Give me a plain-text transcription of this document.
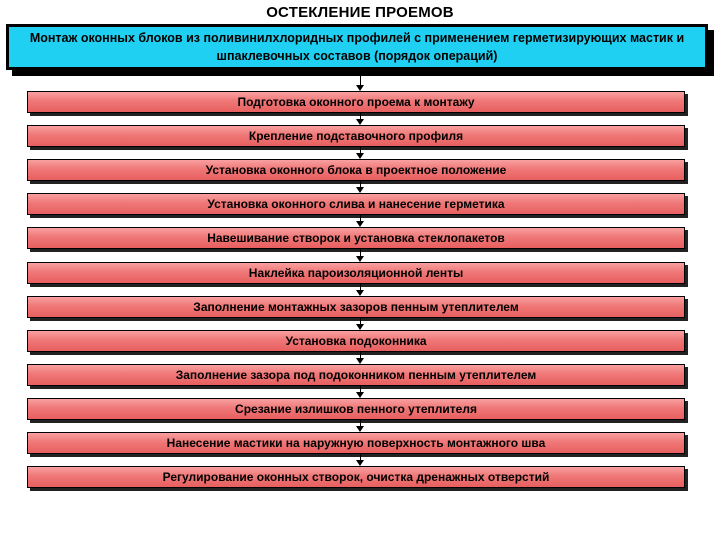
ОСТЕКЛЕНИЕ ПРОЕМОВ
Монтаж оконных блоков из поливинилхлоридных профилей с применением герметизирующих мастик и шпаклевочных составов (порядок операций)
Подготовка оконного проема к монтажу
Крепление подставочного профиля
Установка оконного блока в проектное положение
Установка оконного слива и нанесение герметика
Навешивание створок и установка стеклопакетов
Наклейка пароизоляционной ленты
Заполнение монтажных зазоров пенным утеплителем
Установка подоконника
Заполнение зазора под подоконником пенным утеплителем
Срезание излишков пенного утеплителя
Нанесение мастики на наружную поверхность монтажного шва
Регулирование оконных створок, очистка дренажных отверстий
